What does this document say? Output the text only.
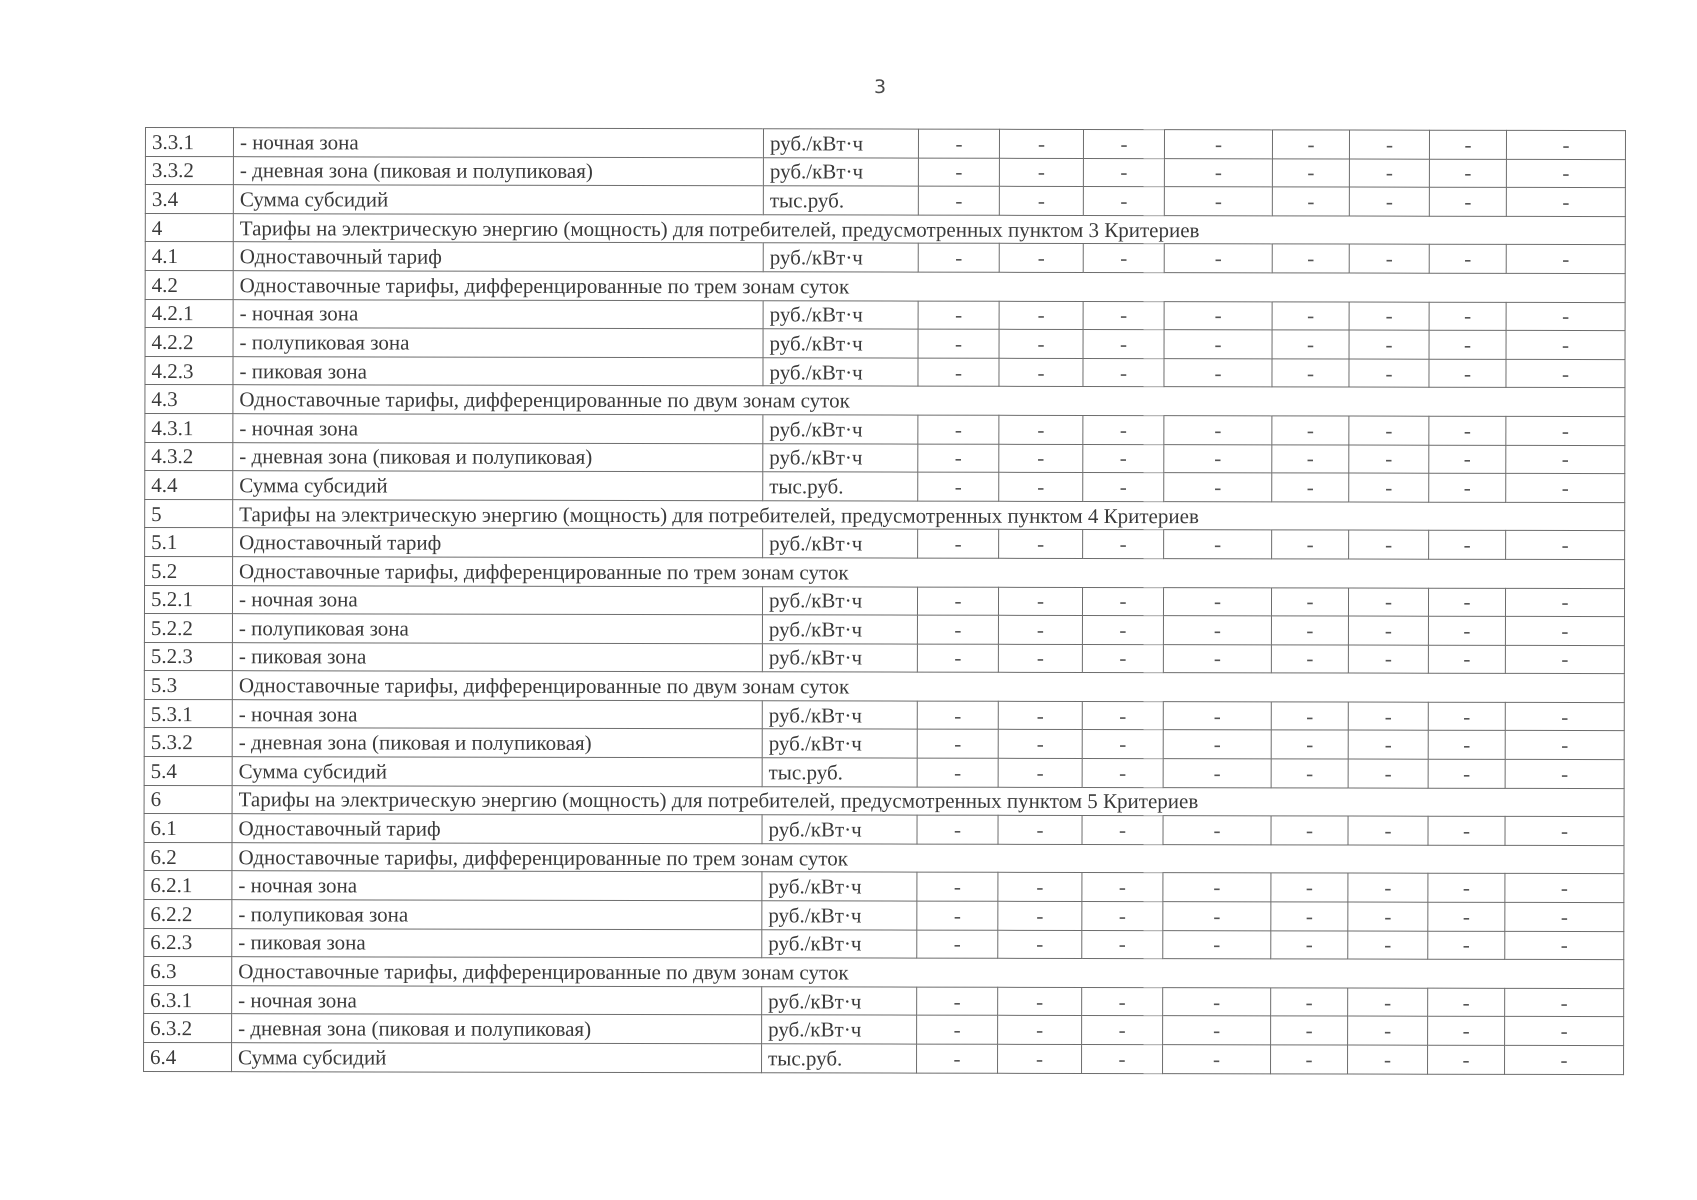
3
3.3.1	- ночная зона	руб./кВт·ч	-	-	-	-	-	-	-	-
3.3.2	- дневная зона (пиковая и полупиковая)	руб./кВт·ч	-	-	-	-	-	-	-	-
3.4	Сумма субсидий	тыс.руб.	-	-	-	-	-	-	-	-
4	Тарифы на электрическую энергию (мощность) для потребителей, предусмотренных пунктом 3 Критериев									
4.1	Одноставочный тариф	руб./кВт·ч	-	-	-	-	-	-	-	-
4.2	Одноставочные тарифы, дифференцированные по трем зонам суток									
4.2.1	- ночная зона	руб./кВт·ч	-	-	-	-	-	-	-	-
4.2.2	- полупиковая зона	руб./кВт·ч	-	-	-	-	-	-	-	-
4.2.3	- пиковая зона	руб./кВт·ч	-	-	-	-	-	-	-	-
4.3	Одноставочные тарифы, дифференцированные по двум зонам суток									
4.3.1	- ночная зона	руб./кВт·ч	-	-	-	-	-	-	-	-
4.3.2	- дневная зона (пиковая и полупиковая)	руб./кВт·ч	-	-	-	-	-	-	-	-
4.4	Сумма субсидий	тыс.руб.	-	-	-	-	-	-	-	-
5	Тарифы на электрическую энергию (мощность) для потребителей, предусмотренных пунктом 4 Критериев									
5.1	Одноставочный тариф	руб./кВт·ч	-	-	-	-	-	-	-	-
5.2	Одноставочные тарифы, дифференцированные по трем зонам суток									
5.2.1	- ночная зона	руб./кВт·ч	-	-	-	-	-	-	-	-
5.2.2	- полупиковая зона	руб./кВт·ч	-	-	-	-	-	-	-	-
5.2.3	- пиковая зона	руб./кВт·ч	-	-	-	-	-	-	-	-
5.3	Одноставочные тарифы, дифференцированные по двум зонам суток									
5.3.1	- ночная зона	руб./кВт·ч	-	-	-	-	-	-	-	-
5.3.2	- дневная зона (пиковая и полупиковая)	руб./кВт·ч	-	-	-	-	-	-	-	-
5.4	Сумма субсидий	тыс.руб.	-	-	-	-	-	-	-	-
6	Тарифы на электрическую энергию (мощность) для потребителей, предусмотренных пунктом 5 Критериев									
6.1	Одноставочный тариф	руб./кВт·ч	-	-	-	-	-	-	-	-
6.2	Одноставочные тарифы, дифференцированные по трем зонам суток									
6.2.1	- ночная зона	руб./кВт·ч	-	-	-	-	-	-	-	-
6.2.2	- полупиковая зона	руб./кВт·ч	-	-	-	-	-	-	-	-
6.2.3	- пиковая зона	руб./кВт·ч	-	-	-	-	-	-	-	-
6.3	Одноставочные тарифы, дифференцированные по двум зонам суток									
6.3.1	- ночная зона	руб./кВт·ч	-	-	-	-	-	-	-	-
6.3.2	- дневная зона (пиковая и полупиковая)	руб./кВт·ч	-	-	-	-	-	-	-	-
6.4	Сумма субсидий	тыс.руб.	-	-	-	-	-	-	-	-
